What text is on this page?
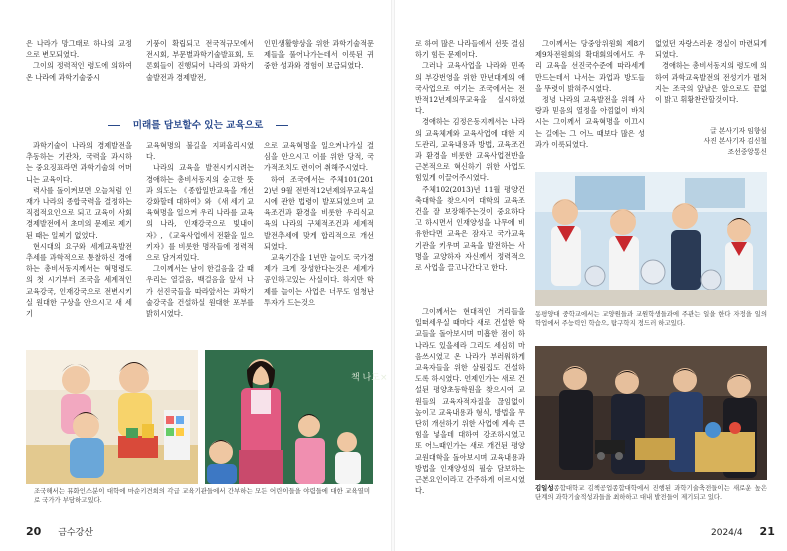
은 나라가 망그태로 하나의 교정으로 변모되였다.

그이의 정력적인 령도에 의하여 온 나라에 과학기술중시

기풍이 확립되고 전국적규모에서 전시회, 부문별과학기술발표회, 토론회들이 진행되어 나라의 과학기술발전과 경제발전,

인민생활향상을 위한 과학기술적문제들을 풀어나가는데서 이룩된 귀중한 성과와 경험이 보급되였다.

미래를 담보할수 있는 교육으로

과학기술이 나라의 경제발전을 추동하는 기관차, 국력을 과시하는 중요징표라면 과학기술의 어머니는 교육이다.

력사를 돌이켜보면 오늘처럼 인재가 나라의 종합국력을 결정하는 직접적요인으로 되고 교육이 사회경제발전에서 초미의 문제로 제기된 때는 일찌기 없었다.

현시대의 요구와 세계교육발전추세를 과학적으로 통찰하신 경애하는 총비서동지께서는 혁명령도의 첫 시기부터 조국을 세계적인 교육강국, 인재강국으로 전변시키실 원대한 구상을 안으시고 새 세기

교육혁명의 불길을 지펴올리시였다.

나라의 교육을 발전시키시려는 경애하는 총비서동지의 숭고한 뜻과 의도는 《종합일반교육을 개선강화할데 대하여》와 《새 세기 교육혁명을 일으켜 우리 나라를 교육의 나라, 인재강국으로 빛내이자》, 《교육사업에서 전환을 일으키자》를 비롯한 명작들에 정력적으로 담겨져있다.

그이께서는 남이 한걸음을 갈 때 우리는 열걸음, 백걸음을 앞서 나가 선진국들을 따라앞서는 과학기술강국을 건설하실 원대한 포부를 밝히시였다.

으로 교육혁명을 일으켜나가실 결심을 안으시고 이를 위한 당적, 국가적조치도 련이어 취해주시였다.

하여 조국에서는 주체101(2012)년 9월 전반적12년제의무교육실시에 관한 법령이 발포되였으며 교육조건과 환경을 비롯한 우리식교육의 나라의 구체적조건과 세계적발전추세에 맞게 합리적으로 개선되였다.

교육기간을 1년만 늘이도 국가경제가 크게 장성한다는것은 세계가 공인하고있는 사실이다. 하지만 학제를 늘이는 사업은 너무도 엄청난 투자가 드는것으

책 나도×
조국해서는 뮤화인스분이 대학에 마순키견희의 각급 교육기관들에서 간부하는 모든 어린이들을 야렴들에 대한 교육열미로 국가가 부담하고있다.
20 금수강산

로 하여 많은 나라들에서 선뜻 결심하기 힘든 문제이다.

그러나 교육사업을 나라와 민족의 부강번영을 위한 만년대계의 애국사업으로 여기는 조국에서는 전반적12년제의무교육을 실시하였다.

경애하는 김정은동지께서는 나라의 교육체계와 교육사업에 대한 지도관리, 교육내용과 방법, 교육조건과 환경을 비롯한 교육사업전반을 근본적으로 혁신하기 위한 사업도 힘있게 이끌어주시였다.

주체102(2013)년 11월 평양건축대학을 찾으시여 대학의 교육조건을 잘 보장해주는것이 중요하다고 하시면서 인재양성을 나무에 비유한다면 교육은 잠자고 국가교육기관을 키우며 교육을 발전하는 사명을 교양하자 자신께서 정력적으로 사업을 끌고나간다고 한다.

그이께서는 당중앙위원회 제8기 제9차전원회의 확대회의에서도 우리 교육을 선진국수준에 따라세게 만드는데서 나서는 과업과 방도들을 뚜렷이 밝혀주시였다.

정녕 나라의 교육발전을 위해 사랑과 믿음의 열정을 아낌없이 바치시는 그이께서 교육혁명을 이끄시는 길에는 그 어느 때보다 많은 성과가 이룩되였다.

없었던 자랑스러운 경실이 마련되게 되였다.

경애하는 총비서동지의 령도에 의하여 과학교육발전의 전성기가 펼쳐지는 조국의 앞날은 앞으로도 끝없이 밝고 휘황찬란할것이다.

글 본사기자 임향심
사진 본사기자 김신철
조선중앙통신
동평양대 중학교에서는 교양원들과 교원학생들과에 주관는 일을 한다 자정을 일의 학업에서 주능력인 학습으, 탐구학지 정드러 하고있다.
김일성종합대학교 김책공업종합대학에서 진행된 과학기술축전들이는 새로운 높은 단계의 과학기술적성과들을 최하하고 대내 발전들이 제기되고 있다.

그이께서는 현대적인 거리들을 일떠세우실 때마다 새로 건설한 학교들을 돌아보시며 미흡한 점이 하나라도 있을세라 그리도 세심히 마음쓰시였고 온 나라가 부러워하게 교육자들을 위한 살림집도 건설하도록 하시였다. 언제인가는 새로 건설된 평양초등학원을 찾으시여 교원들의 교육자적자질을 끊임없이 높이고 교육내용과 형식, 방법을 무단히 개선하기 위한 사업에 계속 큰 힘을 넣을데 대하여 강조하시였고 또 어느때인가는 새로 개건된 평양교원대학을 돌아보시며 교육내용과 방법을 인재양성의 필승 담보하는 근본요인이라고 간주하게 이르시였다.

2024/4 21
